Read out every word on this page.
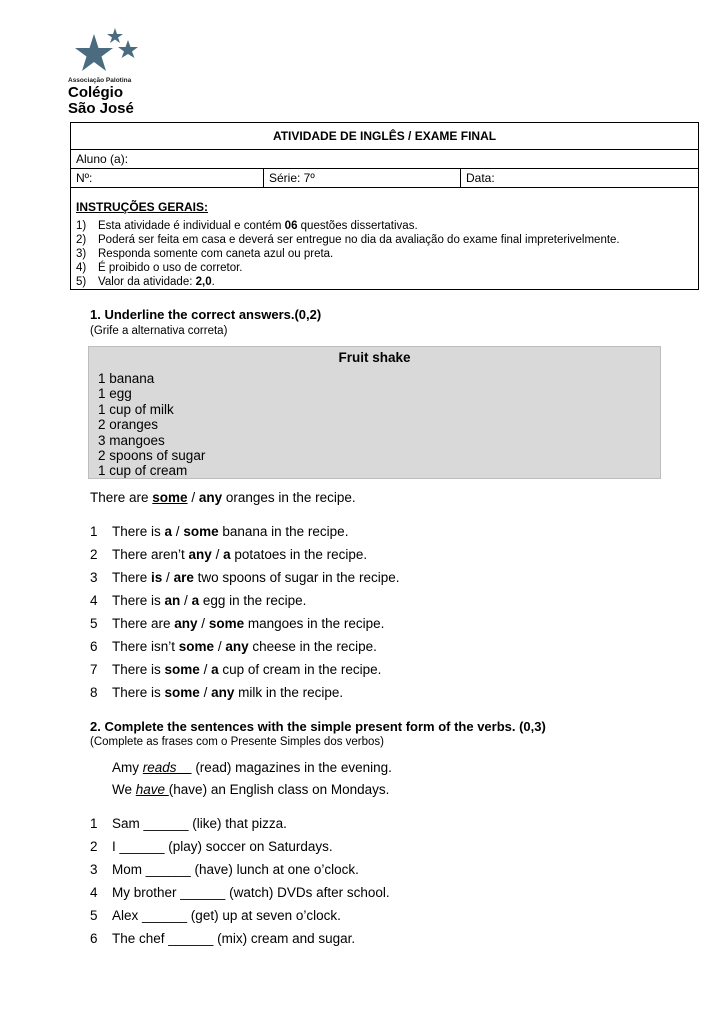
Associação Palotina
Colégio
São José
ATIVIDADE DE INGLÊS / EXAME FINAL
Aluno (a):
Nº:	Série: 7º	Data:

INSTRUÇÕES GERAIS:
1) Esta atividade é individual e contém 06 questões dissertativas.
2) Poderá ser feita em casa e deverá ser entregue no dia da avaliação do exame final impreterivelmente.
3) Responda somente com caneta azul ou preta.
4) É proibido o uso de corretor.
5) Valor da atividade: 2,0.
1. Underline the correct answers.(0,2)
(Grife a alternativa correta)
Fruit shake
1 banana
1 egg
1 cup of milk
2 oranges
3 mangoes
2 spoons of sugar
1 cup of cream
There are some / any oranges in the recipe.
1 There is a / some banana in the recipe.
2 There aren’t any / a potatoes in the recipe.
3 There is / are two spoons of sugar in the recipe.
4 There is an / a egg in the recipe.
5 There are any / some mangoes in the recipe.
6 There isn’t some / any cheese in the recipe.
7 There is some / a cup of cream in the recipe.
8 There is some / any milk in the recipe.
2. Complete the sentences with the simple present form of the verbs. (0,3)
(Complete as frases com o Presente Simples dos verbos)
Amy reads__ (read) magazines in the evening.
We have (have) an English class on Mondays.
1 Sam ______ (like) that pizza.
2 I ______ (play) soccer on Saturdays.
3 Mom ______ (have) lunch at one o’clock.
4 My brother ______ (watch) DVDs after school.
5 Alex ______ (get) up at seven o’clock.
6 The chef ______ (mix) cream and sugar.
